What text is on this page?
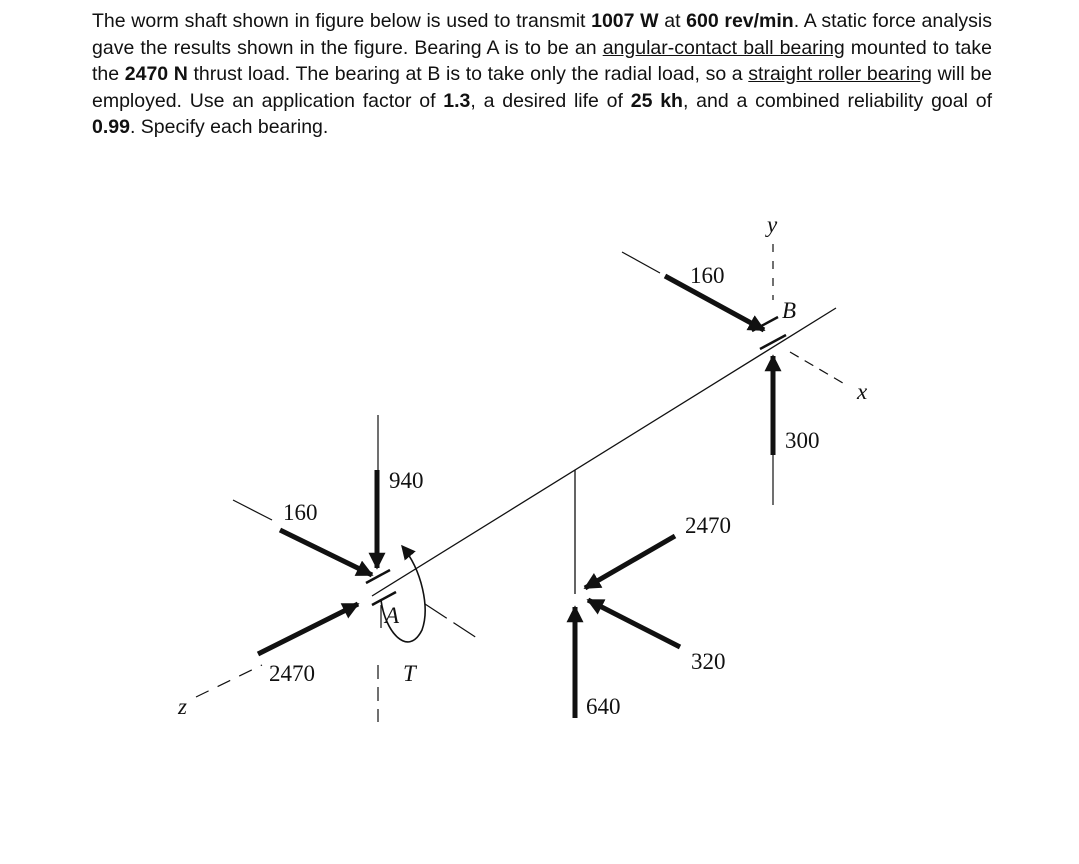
The worm shaft shown in figure below is used to transmit 1007 W at 600 rev/min. A static force analysis gave the results shown in the figure. Bearing A is to be an angular-contact ball bearing mounted to take the 2470 N thrust load. The bearing at B is to take only the radial load, so a straight roller bearing will be employed. Use an application factor of 1.3, a desired life of 25 kh, and a combined reliability goal of 0.99. Specify each bearing.
160
940
2470	T
A
160
300
B
2470
320
640
x
y
z
